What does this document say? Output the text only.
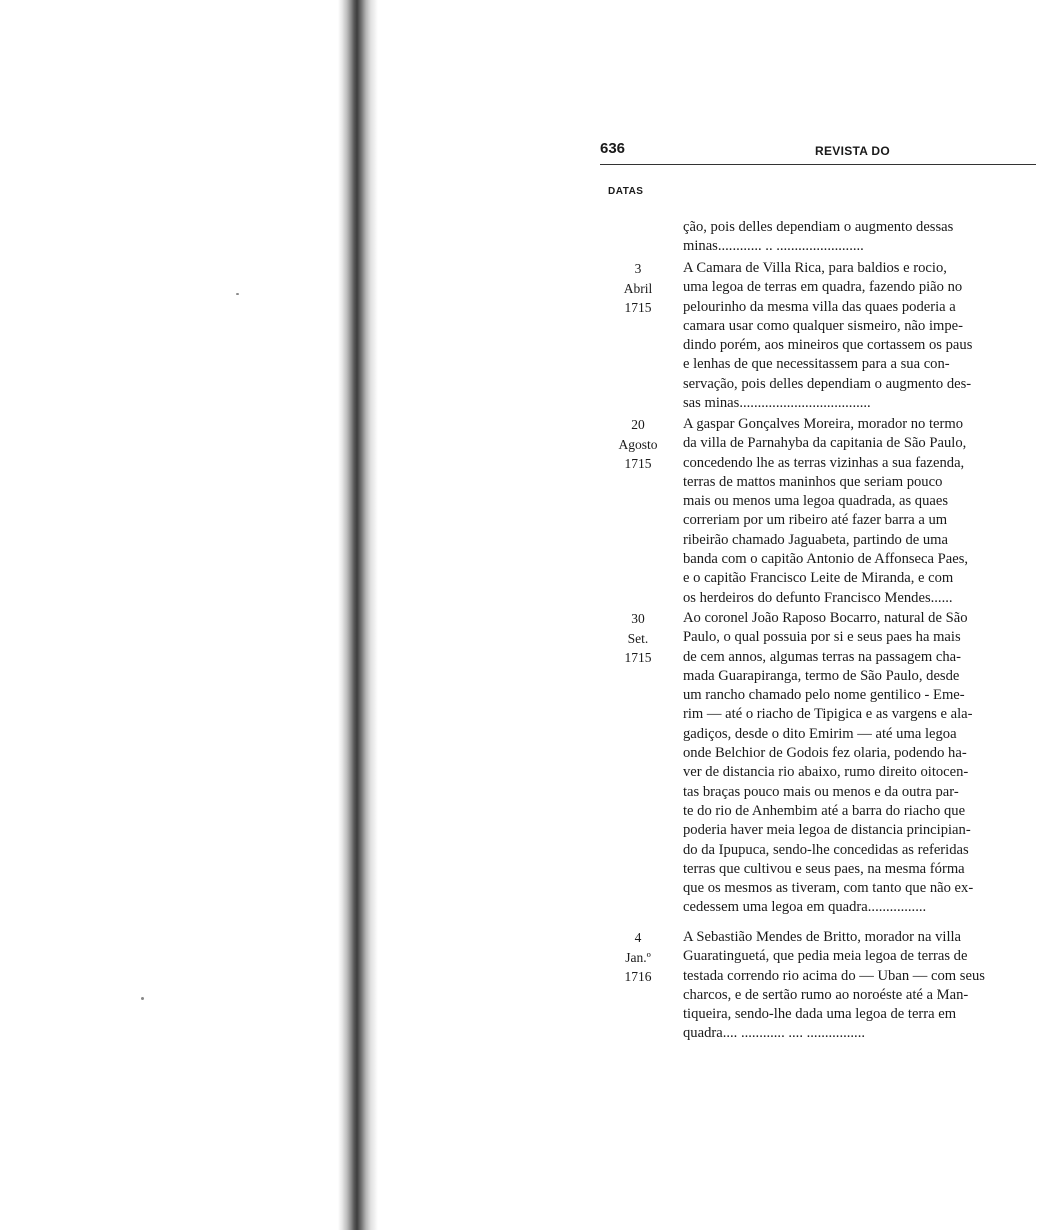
636	REVISTA DO
DATAS
ção, pois delles dependiam o augmento dessas
minas............ .. ........................
3
Abril
1715
A Camara de Villa Rica, para baldios e rocio,
uma legoa de terras em quadra, fazendo pião no
pelourinho da mesma villa das quaes poderia a
camara usar como qualquer sismeiro, não impe-
dindo porém, aos mineiros que cortassem os paus
e lenhas de que necessitassem para a sua con-
servação, pois delles dependiam o augmento des-
sas minas....................................
20
Agosto
1715
A gaspar Gonçalves Moreira, morador no termo
da villa de Parnahyba da capitania de São Paulo,
concedendo lhe as terras vizinhas a sua fazenda,
terras de mattos maninhos que seriam pouco
mais ou menos uma legoa quadrada, as quaes
correriam por um ribeiro até fazer barra a um
ribeirão chamado Jaguabeta, partindo de uma
banda com o capitão Antonio de Affonseca Paes,
e o capitão Francisco Leite de Miranda, e com
os herdeiros do defunto Francisco Mendes......
30
Set.
1715
Ao coronel João Raposo Bocarro, natural de São
Paulo, o qual possuia por si e seus paes ha mais
de cem annos, algumas terras na passagem cha-
mada Guarapiranga, termo de São Paulo, desde
um rancho chamado pelo nome gentilico - Eme-
rim — até o riacho de Tipigica e as vargens e ala-
gadiços, desde o dito Emirim — até uma legoa
onde Belchior de Godois fez olaria, podendo ha-
ver de distancia rio abaixo, rumo direito oitocen-
tas braças pouco mais ou menos e da outra par-
te do rio de Anhembim até a barra do riacho que
poderia haver meia legoa de distancia principian-
do da Ipupuca, sendo-lhe concedidas as referidas
terras que cultivou e seus paes, na mesma fórma
que os mesmos as tiveram, com tanto que não ex-
cedessem uma legoa em quadra................
4
Jan.º
1716
A Sebastião Mendes de Britto, morador na villa
Guaratinguetá, que pedia meia legoa de terras de
testada correndo rio acima do — Uban — com seus
charcos, e de sertão rumo ao noroéste até a Man-
tiqueira, sendo-lhe dada uma legoa de terra em
quadra.... ............ .... ................
